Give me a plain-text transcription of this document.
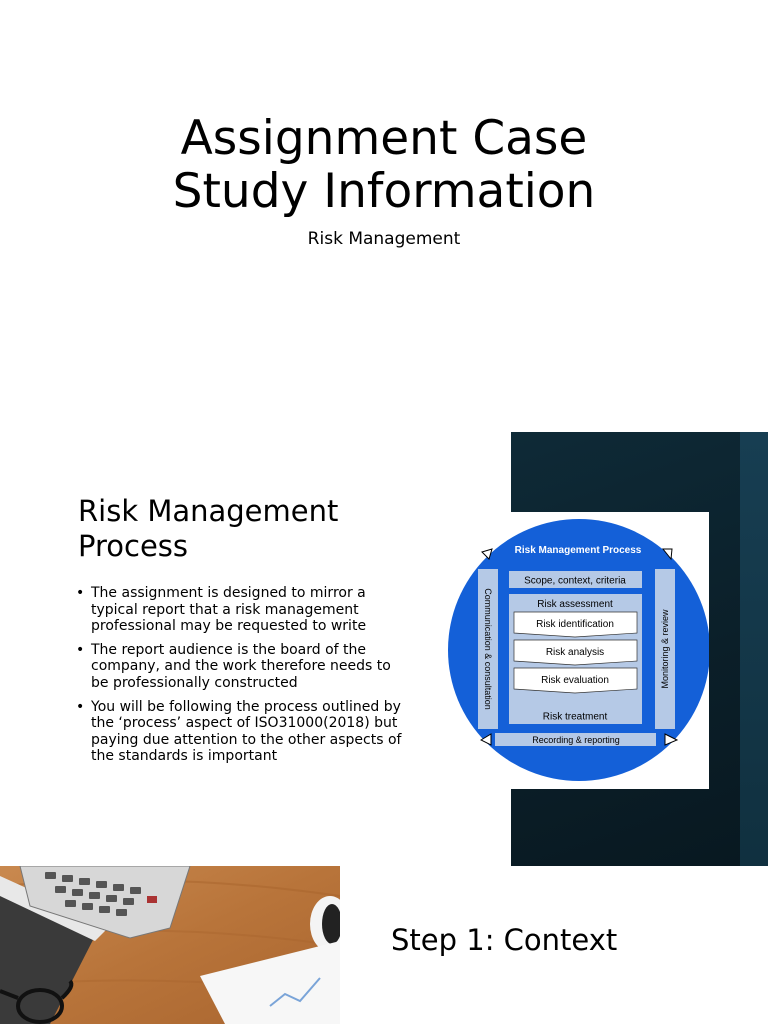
Assignment Case
Study Information
Risk Management
Risk Management
Process
• The assignment is designed to mirror a typical report that a risk management professional may be requested to write
• The report audience is the board of the company, and the work therefore needs to be professionally constructed
• You will be following the process outlined by the ‘process’ aspect of ISO31000(2018) but paying due attention to the other aspects of the standards is important
Risk Management Process
Scope, context, criteria
Risk assessment
Risk identification
Risk analysis
Risk evaluation
Risk treatment
Recording & reporting
Communication & consultation	Monitoring & review
Step 1: Context
